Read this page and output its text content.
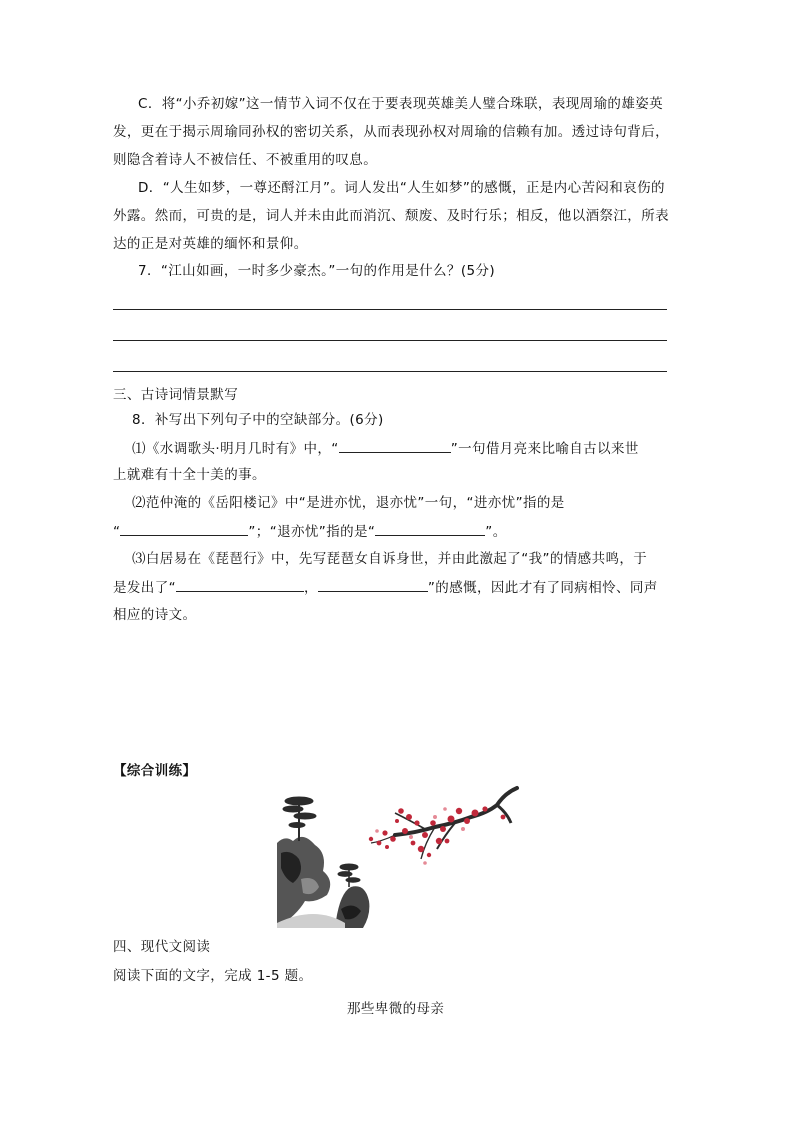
C．将“小乔初嫁”这一情节入词不仅在于要表现英雄美人璧合珠联，表现周瑜的雄姿英
发，更在于揭示周瑜同孙权的密切关系，从而表现孙权对周瑜的信赖有加。透过诗句背后，
则隐含着诗人不被信任、不被重用的叹息。
D．“人生如梦，一尊还酹江月”。词人发出“人生如梦”的感慨，正是内心苦闷和哀伤的
外露。然而，可贵的是，词人并未由此而消沉、颓废、及时行乐；相反，他以酒祭江，所表
达的正是对英雄的缅怀和景仰。
7．“江山如画，一时多少豪杰。”一句的作用是什么？(5分)
三、古诗词情景默写
8．补写出下列句子中的空缺部分。(6分)
⑴《水调歌头·明月几时有》中，“	”一句借月亮来比喻自古以来世
上就难有十全十美的事。
⑵范仲淹的《岳阳楼记》中“是进亦忧，退亦忧”一句，“进亦忧”指的是
“	”；“退亦忧”指的是“	”。
⑶白居易在《琵琶行》中，先写琵琶女自诉身世，并由此激起了“我”的情感共鸣，于
是发出了“	，	”的感慨，因此才有了同病相怜、同声
相应的诗文。
【综合训练】
四、现代文阅读
阅读下面的文字，完成 1-5 题。
那些卑微的母亲
